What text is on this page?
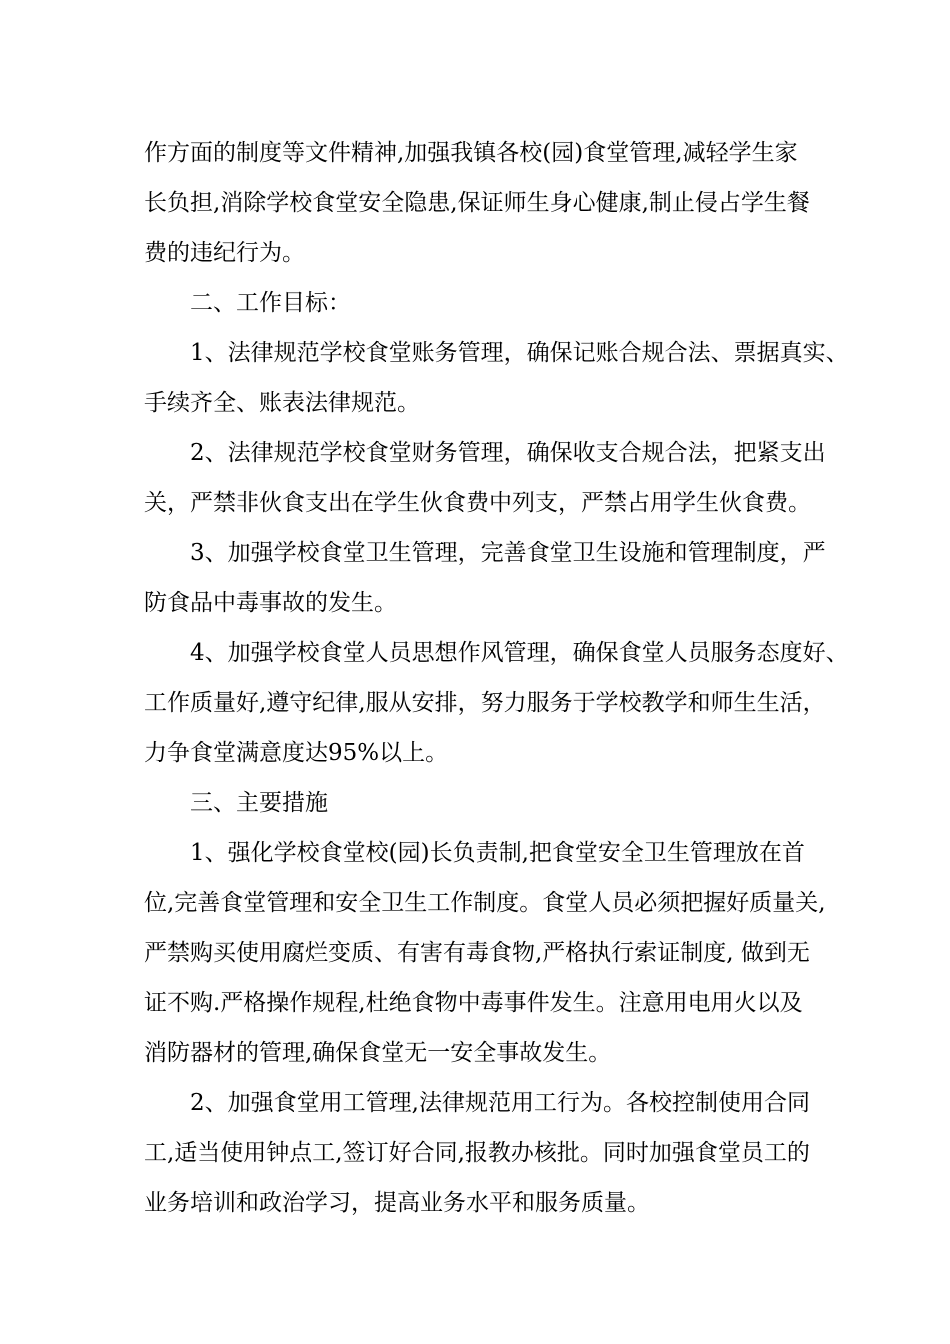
作方面的制度等文件精神,加强我镇各校(园)食堂管理,减轻学生家
长负担,消除学校食堂安全隐患,保证师生身心健康,制止侵占学生餐
费的违纪行为。
二、工作目标：
1、法律规范学校食堂账务管理，确保记账合规合法、票据真实、
手续齐全、账表法律规范。
2、法律规范学校食堂财务管理，确保收支合规合法，把紧支出
关，严禁非伙食支出在学生伙食费中列支，严禁占用学生伙食费。
3、加强学校食堂卫生管理，完善食堂卫生设施和管理制度，严
防食品中毒事故的发生。
4、加强学校食堂人员思想作风管理，确保食堂人员服务态度好、
工作质量好,遵守纪律,服从安排，努力服务于学校教学和师生生活，
力争食堂满意度达95%以上。
三、主要措施
1、强化学校食堂校(园)长负责制,把食堂安全卫生管理放在首
位,完善食堂管理和安全卫生工作制度。食堂人员必须把握好质量关,
严禁购买使用腐烂变质、有害有毒食物,严格执行索证制度, 做到无
证不购.严格操作规程,杜绝食物中毒事件发生。注意用电用火以及
消防器材的管理,确保食堂无一安全事故发生。
2、加强食堂用工管理,法律规范用工行为。各校控制使用合同
工,适当使用钟点工,签订好合同,报教办核批。同时加强食堂员工的
业务培训和政治学习，提高业务水平和服务质量。
